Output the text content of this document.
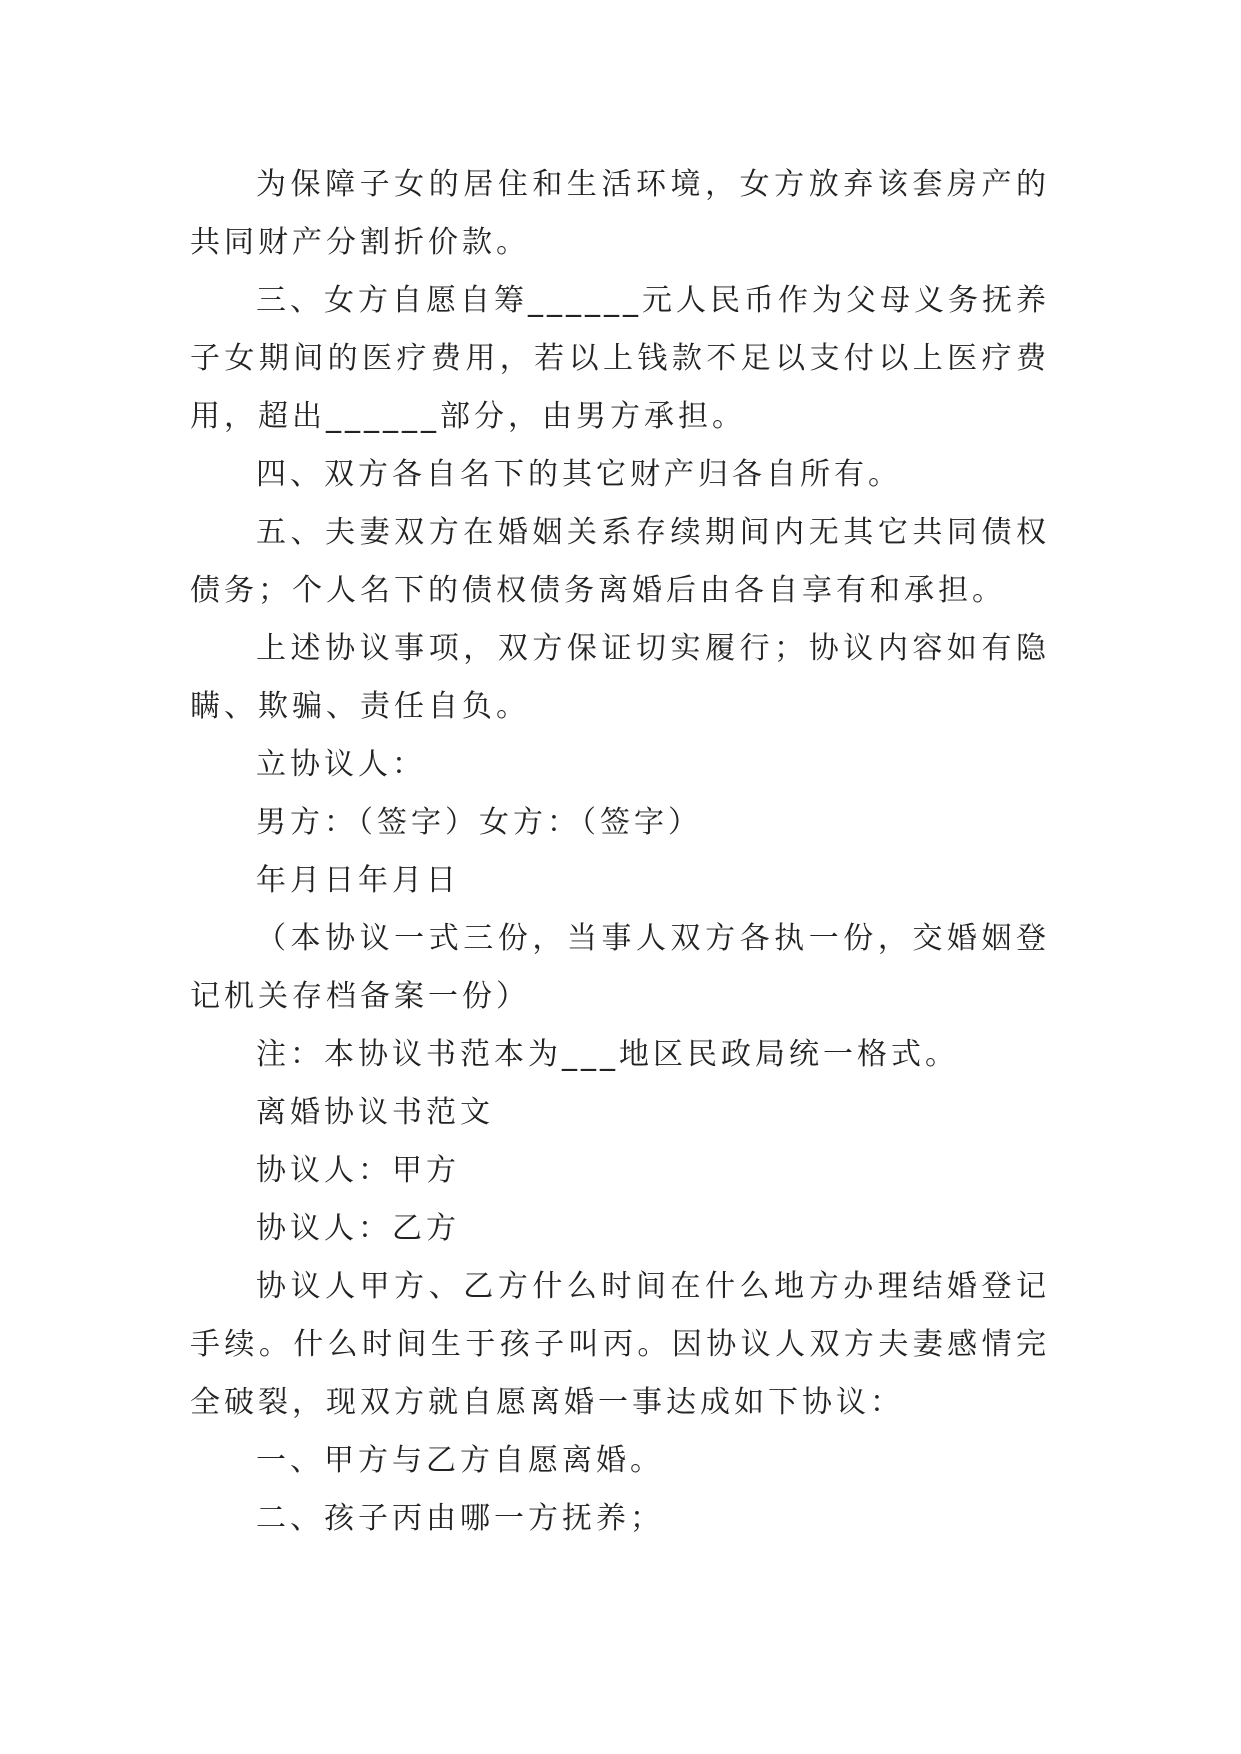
为保障子女的居住和生活环境，女方放弃该套房产的共同财产分割折价款。

三、女方自愿自筹______元人民币作为父母义务抚养子女期间的医疗费用，若以上钱款不足以支付以上医疗费用，超出______部分，由男方承担。

四、双方各自名下的其它财产归各自所有。

五、夫妻双方在婚姻关系存续期间内无其它共同债权债务；个人名下的债权债务离婚后由各自享有和承担。

上述协议事项，双方保证切实履行；协议内容如有隐瞒、欺骗、责任自负。

立协议人：

男方：（签字）女方：（签字）

年月日年月日

（本协议一式三份，当事人双方各执一份，交婚姻登记机关存档备案一份）

注：本协议书范本为___地区民政局统一格式。

离婚协议书范文

协议人：甲方

协议人：乙方

协议人甲方、乙方什么时间在什么地方办理结婚登记手续。什么时间生于孩子叫丙。因协议人双方夫妻感情完全破裂，现双方就自愿离婚一事达成如下协议：

一、甲方与乙方自愿离婚。

二、孩子丙由哪一方抚养；
